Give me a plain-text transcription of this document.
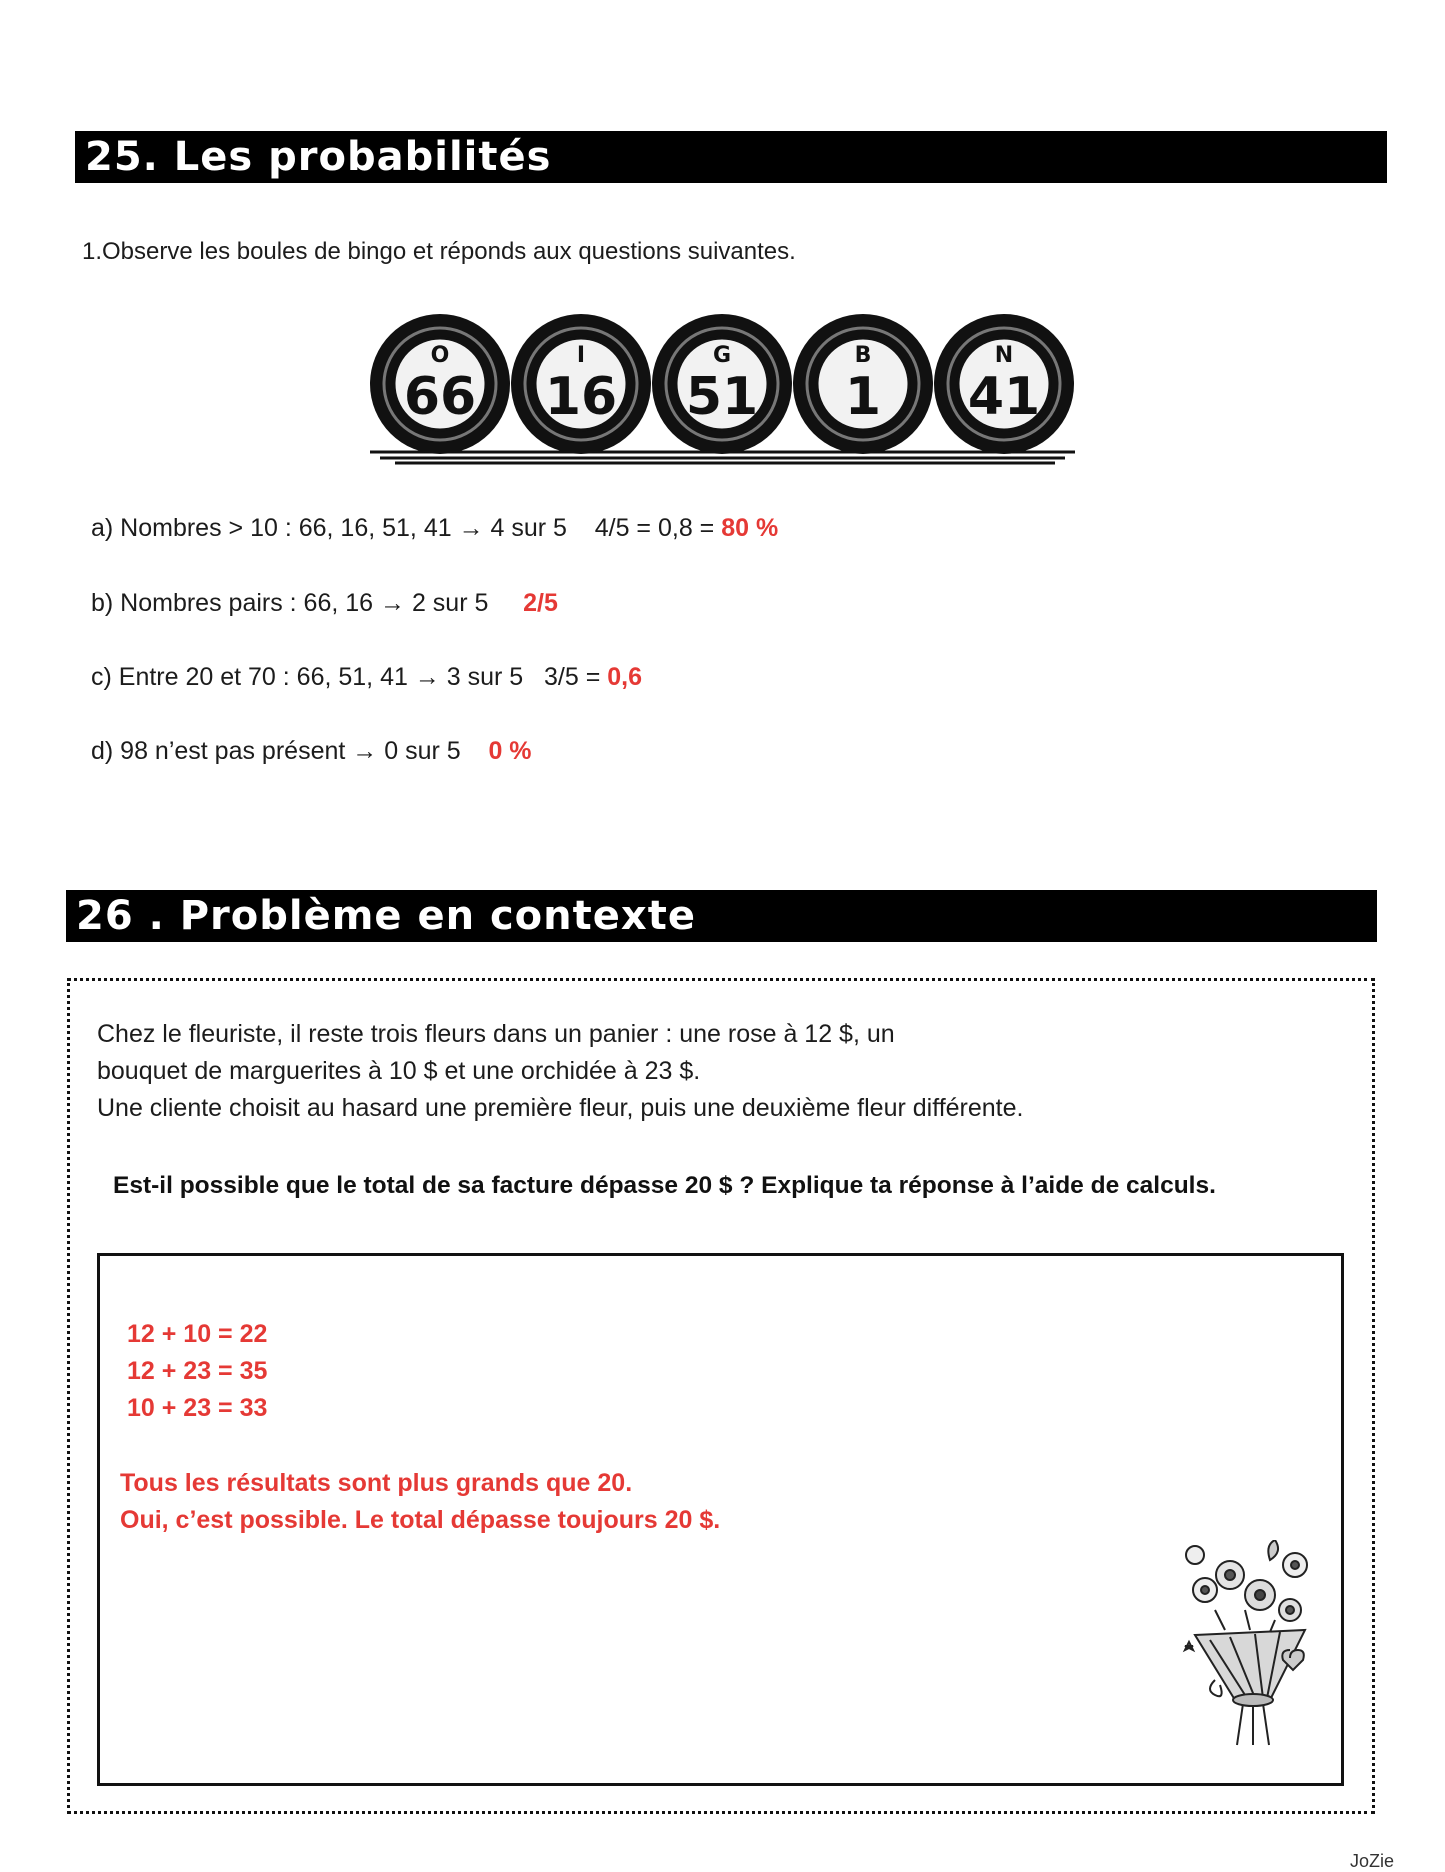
25. Les probabilités
1.Observe les boules de bingo et réponds aux questions suivantes.
O
66
I
16
G
51
B
1
N
41
a) Nombres > 10 : 66, 16, 51, 41 → 4 sur 5    4/5 = 0,8 = 80 %
b) Nombres pairs : 66, 16 → 2 sur 5     2/5
c) Entre 20 et 70 : 66, 51, 41 → 3 sur 5   3/5 = 0,6
d) 98 n’est pas présent → 0 sur 5    0 %
26 . Problème en contexte
Chez le fleuriste, il reste trois fleurs dans un panier : une rose à 12 $, un
bouquet de marguerites à 10 $ et une orchidée à 23 $.
Une cliente choisit au hasard une première fleur, puis une deuxième fleur différente.
Est-il possible que le total de sa facture dépasse 20 $ ? Explique ta réponse à l’aide de calculs.
12 + 10 = 22
12 + 23 = 35
10 + 23 = 33
Tous les résultats sont plus grands que 20.
Oui, c’est possible. Le total dépasse toujours 20 $.
JoZie
